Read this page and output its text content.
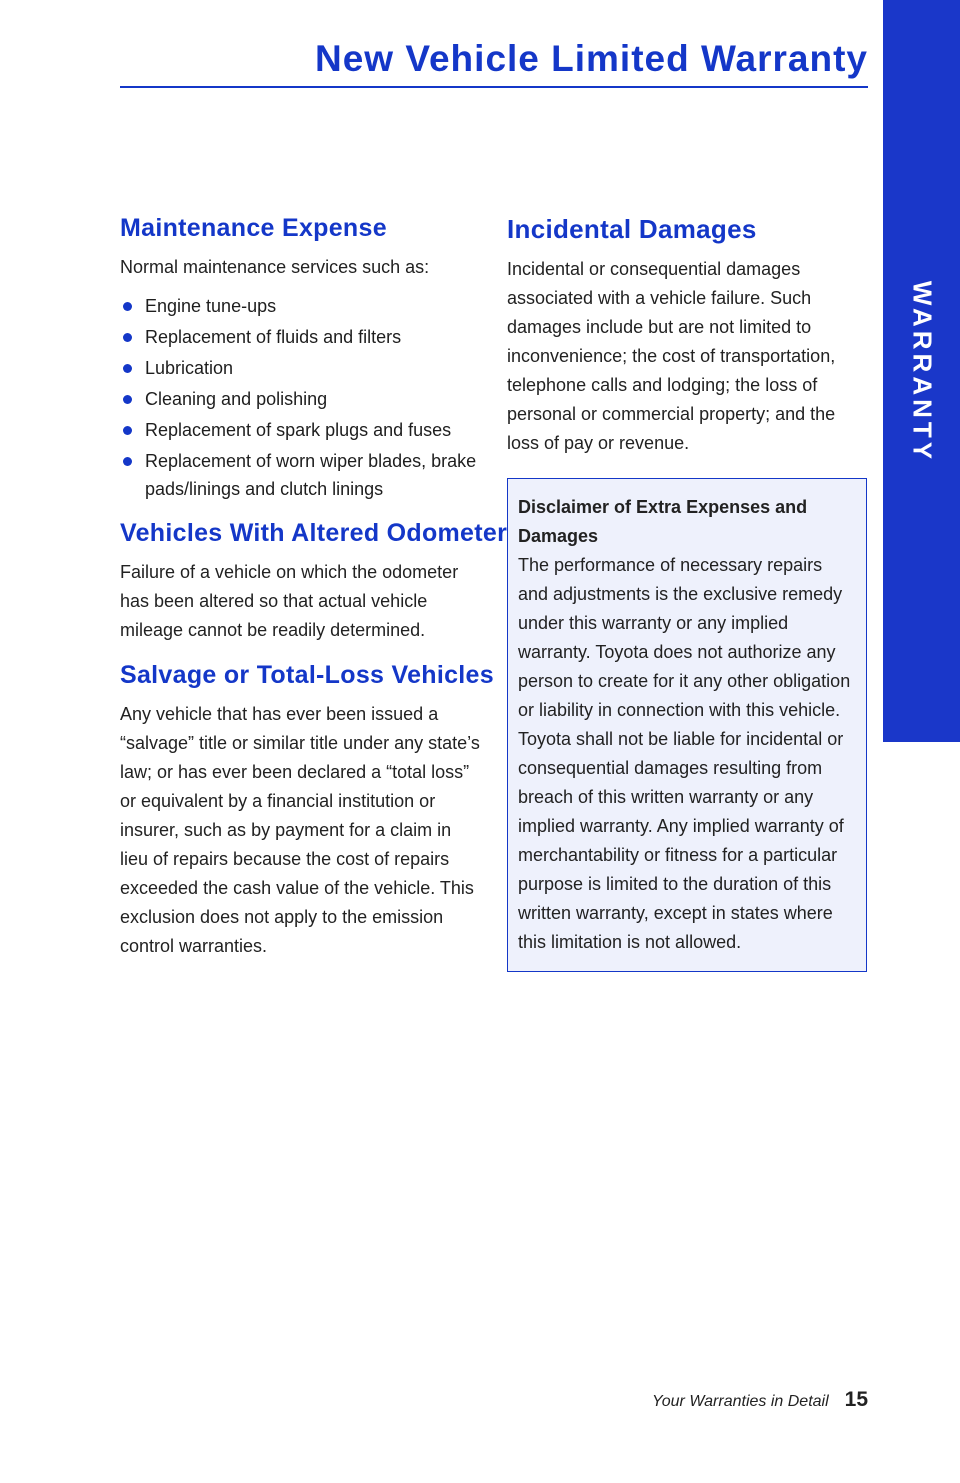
New Vehicle Limited Warranty
WARRANTY
Maintenance Expense

Normal maintenance services such as:

Engine tune-ups
Replacement of fluids and filters
Lubrication
Cleaning and polishing
Replacement of spark plugs and fuses
Replacement of worn wiper blades, brake pads/linings and clutch linings
Vehicles With Altered Odometer

Failure of a vehicle on which the odometer has been altered so that actual vehicle mileage cannot be readily determined.

Salvage or Total-Loss Vehicles

Any vehicle that has ever been issued a “salvage” title or similar title under any state’s law; or has ever been declared a “total loss” or equivalent by a financial institution or insurer, such as by payment for a claim in lieu of repairs because the cost of repairs exceeded the cash value of the vehicle. This exclusion does not apply to the emission control warranties.

Incidental Damages

Incidental or consequential damages associated with a vehicle failure. Such damages include but are not limited to inconvenience; the cost of transportation, telephone calls and lodging; the loss of personal or commercial property; and the loss of pay or revenue.

Disclaimer of Extra Expenses and Damages

The performance of necessary repairs and adjustments is the exclusive remedy under this warranty or any implied warranty. Toyota does not authorize any person to create for it any other obligation or liability in connection with this vehicle. Toyota shall not be liable for incidental or consequential damages resulting from breach of this written warranty or any implied warranty. Any implied warranty of merchantability or fitness for a particular purpose is limited to the duration of this written warranty, except in states where this limitation is not allowed.

Your Warranties in Detail 15
